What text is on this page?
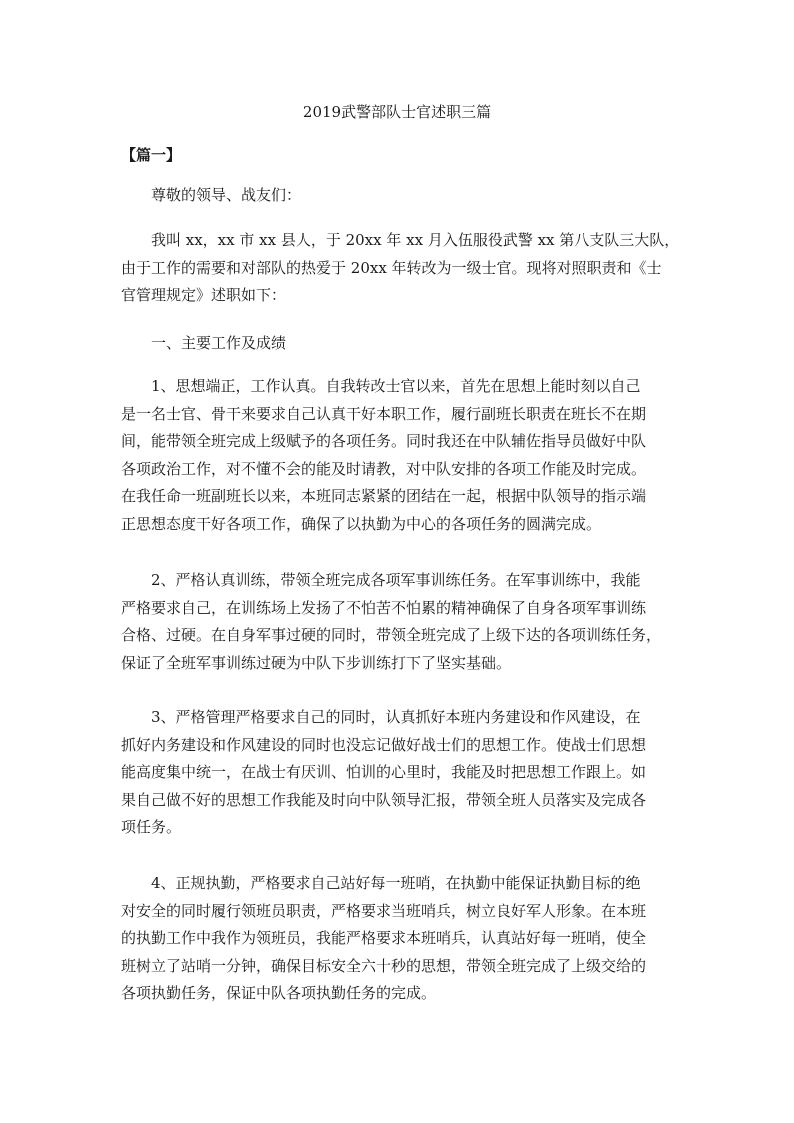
2019武警部队士官述职三篇
【篇一】
尊敬的领导、战友们：
我叫 xx，xx 市 xx 县人，于 20xx 年 xx 月入伍服役武警 xx 第八支队三大队，
由于工作的需要和对部队的热爱于 20xx 年转改为一级士官。现将对照职责和《士
官管理规定》述职如下：
一、主要工作及成绩
1、思想端正，工作认真。自我转改士官以来，首先在思想上能时刻以自己
是一名士官、骨干来要求自己认真干好本职工作，履行副班长职责在班长不在期
间，能带领全班完成上级赋予的各项任务。同时我还在中队辅佐指导员做好中队
各项政治工作，对不懂不会的能及时请教，对中队安排的各项工作能及时完成。
在我任命一班副班长以来，本班同志紧紧的团结在一起，根据中队领导的指示端
正思想态度干好各项工作，确保了以执勤为中心的各项任务的圆满完成。
2、严格认真训练，带领全班完成各项军事训练任务。在军事训练中，我能
严格要求自己，在训练场上发扬了不怕苦不怕累的精神确保了自身各项军事训练
合格、过硬。在自身军事过硬的同时，带领全班完成了上级下达的各项训练任务，
保证了全班军事训练过硬为中队下步训练打下了坚实基础。
3、严格管理严格要求自己的同时，认真抓好本班内务建设和作风建设，在
抓好内务建设和作风建设的同时也没忘记做好战士们的思想工作。使战士们思想
能高度集中统一，在战士有厌训、怕训的心里时，我能及时把思想工作跟上。如
果自己做不好的思想工作我能及时向中队领导汇报，带领全班人员落实及完成各
项任务。
4、正规执勤，严格要求自己站好每一班哨，在执勤中能保证执勤目标的绝
对安全的同时履行领班员职责，严格要求当班哨兵，树立良好军人形象。在本班
的执勤工作中我作为领班员，我能严格要求本班哨兵，认真站好每一班哨，使全
班树立了站哨一分钟，确保目标安全六十秒的思想，带领全班完成了上级交给的
各项执勤任务，保证中队各项执勤任务的完成。
